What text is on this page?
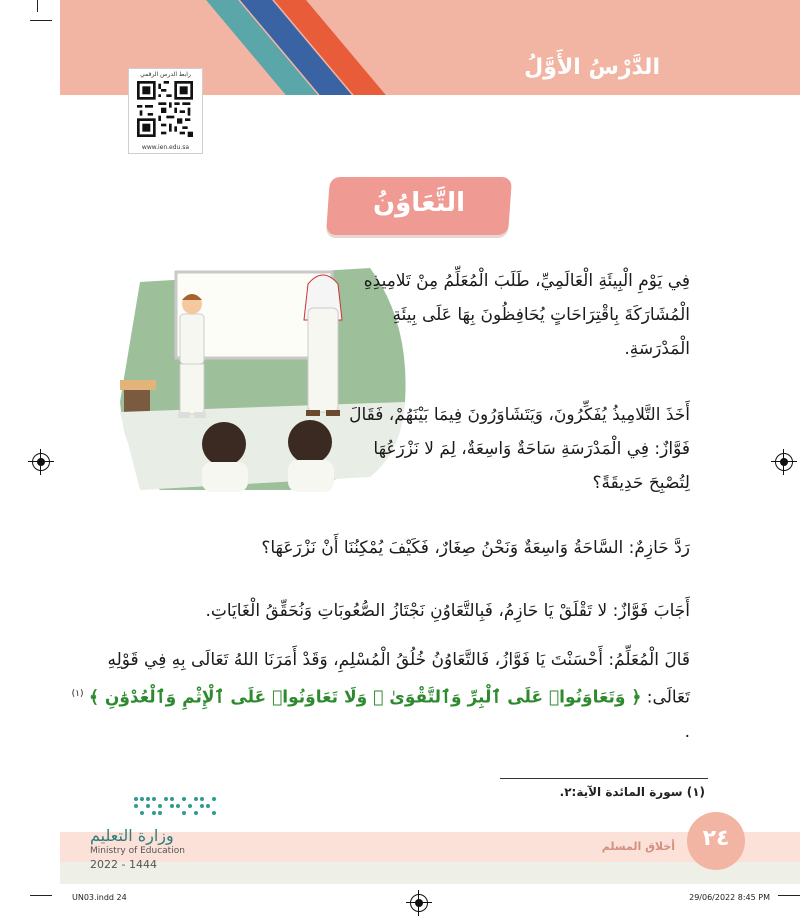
الدَّرْسُ الأَوَّلُ
رابط الدرس الرقمي
www.ien.edu.sa
التَّعَاوُنُ
فِي يَوْمِ الْبِيئَةِ الْعَالَمِيِّ، طَلَبَ الْمُعَلِّمُ مِنْ تَلامِيذِهِ الْمُشَارَكَةَ بِاقْتِرَاحَاتٍ يُحَافِظُونَ بِهَا عَلَى بِيئَةِ الْمَدْرَسَةِ.
أَخَذَ التَّلامِيذُ يُفَكِّرُونَ، وَيَتَشَاوَرُونَ فِيمَا بَيْنَهُمْ، فَقَالَ فَوَّازٌ: فِي الْمَدْرَسَةِ سَاحَةٌ وَاسِعَةٌ، لِمَ لا نَزْرَعُهَا لِتُصْبِحَ حَدِيقَةً؟
رَدَّ حَازِمٌ: السَّاحَةُ وَاسِعَةٌ وَنَحْنُ صِغَارٌ، فَكَيْفَ يُمْكِنُنَا أَنْ نَزْرَعَهَا؟
أَجَابَ فَوَّازٌ: لا تَقْلَقْ يَا حَازِمُ، فَبِالتَّعَاوُنِ نَجْتَازُ الصُّعُوبَاتِ وَنُحَقِّقُ الْغَايَاتِ.
قَالَ الْمُعَلِّمُ: أَحْسَنْتَ يَا فَوَّازُ، فَالتَّعَاوُنُ خُلُقُ الْمُسْلِمِ، وَقَدْ أَمَرَنَا اللهُ تَعَالَى بِهِ فِي قَوْلِهِ تَعَالَى: ﴿ وَتَعَاوَنُوا۟ عَلَى ٱلْبِرِّ وَٱلتَّقْوَىٰ ۖ وَلَا تَعَاوَنُوا۟ عَلَى ٱلْإِثْمِ وَٱلْعُدْوَٰنِ ﴾ $^{(١)}$ .
(١) سورة المائدة الآية:٢.
٢٤
أخلاق المسلم
وزارة التعليم
Ministry of Education
2022 - 1444
UN03.indd 24	29/06/2022 8:45 PM
